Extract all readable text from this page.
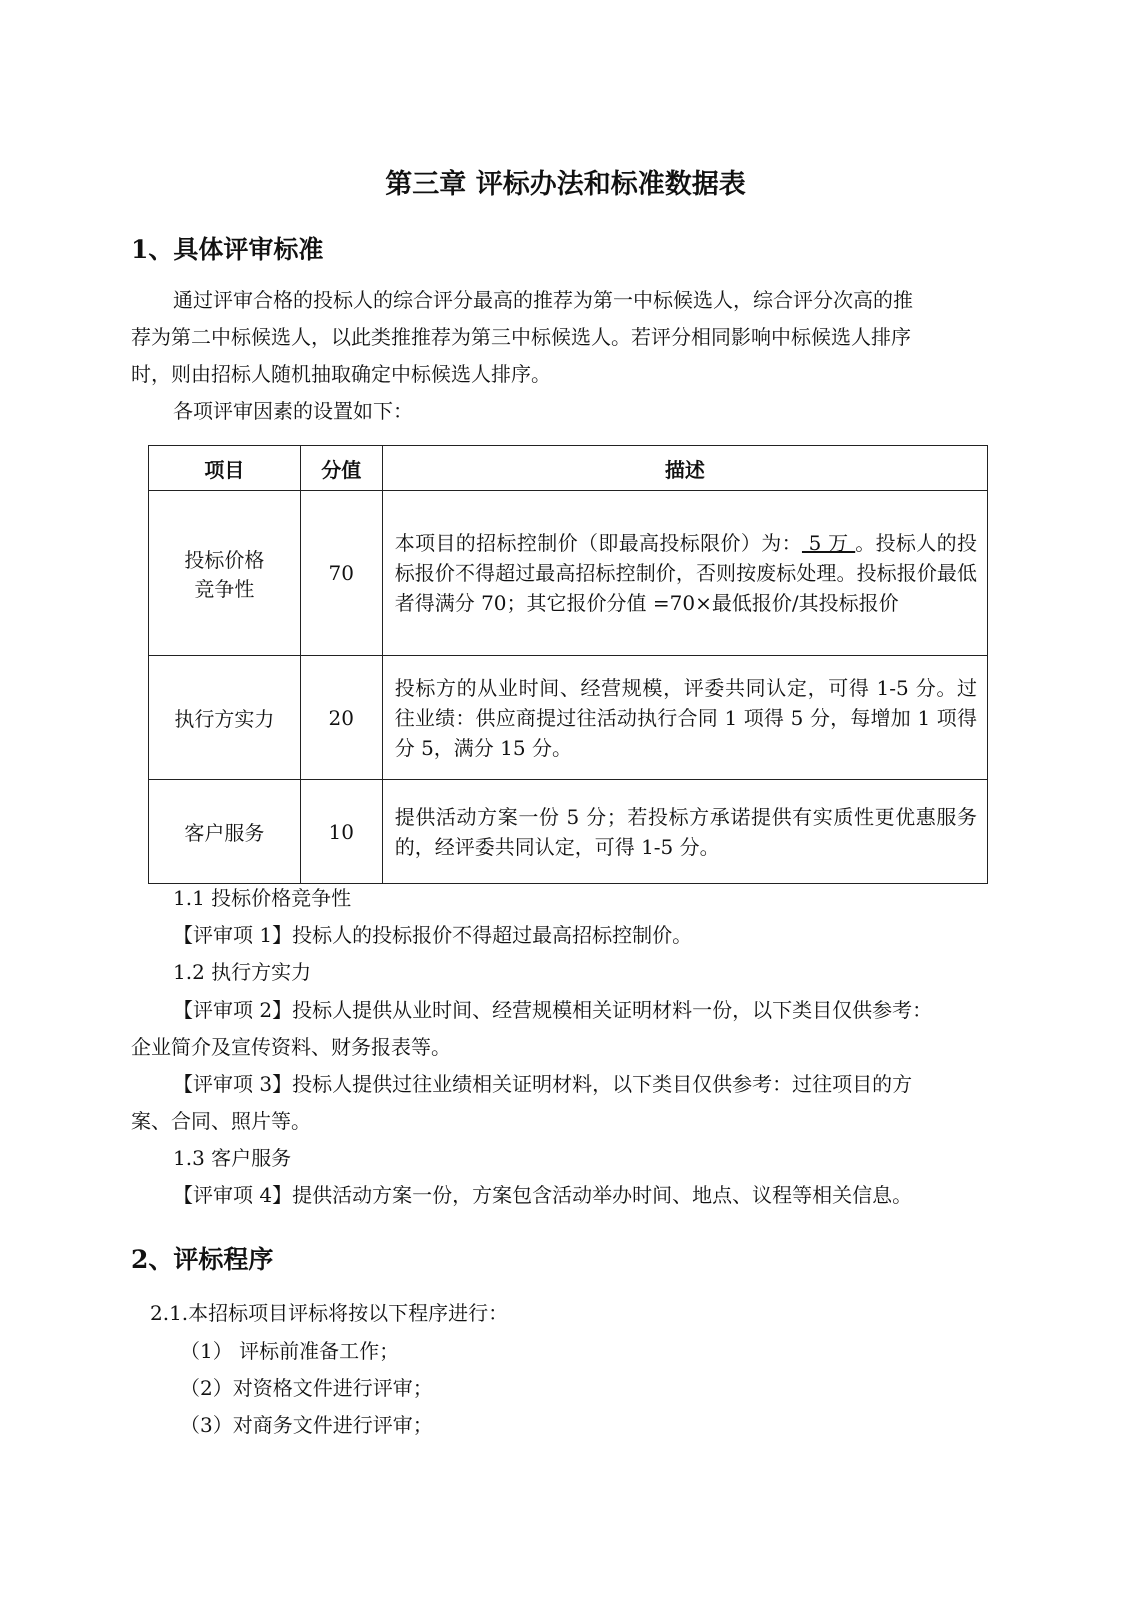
第三章 评标办法和标准数据表
1、具体评审标准
通过评审合格的投标人的综合评分最高的推荐为第一中标候选人，综合评分次高的推
荐为第二中标候选人，以此类推推荐为第三中标候选人。若评分相同影响中标候选人排序
时，则由招标人随机抽取确定中标候选人排序。
各项评审因素的设置如下：
项目	分值	描述

投标价格
竞争性	70	本项目的招标控制价（即最高投标限价）为： 5 万 。投标人的投标报价不得超过最高招标控制价，否则按废标处理。投标报价最低者得满分 70；其它报价分值 =70×最低报价/其投标报价
执行方实力	20	投标方的从业时间、经营规模，评委共同认定，可得 1-5 分。过往业绩：供应商提过往活动执行合同 1 项得 5 分，每增加 1 项得分 5，满分 15 分。
客户服务	10	提供活动方案一份 5 分；若投标方承诺提供有实质性更优惠服务的，经评委共同认定，可得 1-5 分。
1.1 投标价格竞争性
【评审项 1】投标人的投标报价不得超过最高招标控制价。
1.2 执行方实力
【评审项 2】投标人提供从业时间、经营规模相关证明材料一份，以下类目仅供参考：
企业简介及宣传资料、财务报表等。
【评审项 3】投标人提供过往业绩相关证明材料，以下类目仅供参考：过往项目的方
案、合同、照片等。
1.3 客户服务
【评审项 4】提供活动方案一份，方案包含活动举办时间、地点、议程等相关信息。
2、评标程序
2.1.本招标项目评标将按以下程序进行：
（1） 评标前准备工作；
（2）对资格文件进行评审；
（3）对商务文件进行评审；
